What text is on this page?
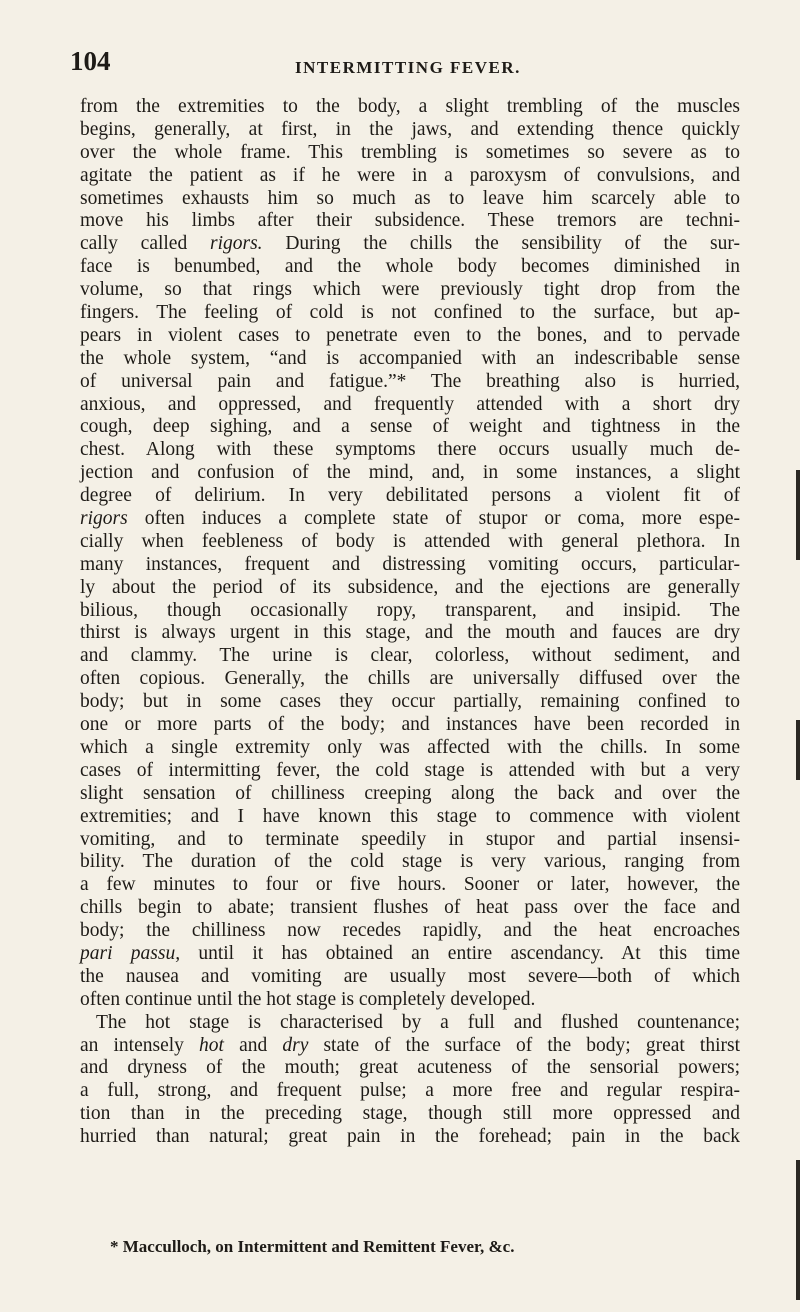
104	INTERMITTING FEVER.
from the extremities to the body, a slight trembling of the muscles
begins, generally, at first, in the jaws, and extending thence quickly
over the whole frame. This trembling is sometimes so severe as to
agitate the patient as if he were in a paroxysm of convulsions, and
sometimes exhausts him so much as to leave him scarcely able to
move his limbs after their subsidence. These tremors are techni-
cally called rigors. During the chills the sensibility of the sur-
face is benumbed, and the whole body becomes diminished in
volume, so that rings which were previously tight drop from the
fingers. The feeling of cold is not confined to the surface, but ap-
pears in violent cases to penetrate even to the bones, and to pervade
the whole system, “and is accompanied with an indescribable sense
of universal pain and fatigue.”* The breathing also is hurried,
anxious, and oppressed, and frequently attended with a short dry
cough, deep sighing, and a sense of weight and tightness in the
chest. Along with these symptoms there occurs usually much de-
jection and confusion of the mind, and, in some instances, a slight
degree of delirium. In very debilitated persons a violent fit of
rigors often induces a complete state of stupor or coma, more espe-
cially when feebleness of body is attended with general plethora. In
many instances, frequent and distressing vomiting occurs, particular-
ly about the period of its subsidence, and the ejections are generally
bilious, though occasionally ropy, transparent, and insipid. The
thirst is always urgent in this stage, and the mouth and fauces are dry
and clammy. The urine is clear, colorless, without sediment, and
often copious. Generally, the chills are universally diffused over the
body; but in some cases they occur partially, remaining confined to
one or more parts of the body; and instances have been recorded in
which a single extremity only was affected with the chills. In some
cases of intermitting fever, the cold stage is attended with but a very
slight sensation of chilliness creeping along the back and over the
extremities; and I have known this stage to commence with violent
vomiting, and to terminate speedily in stupor and partial insensi-
bility. The duration of the cold stage is very various, ranging from
a few minutes to four or five hours. Sooner or later, however, the
chills begin to abate; transient flushes of heat pass over the face and
body; the chilliness now recedes rapidly, and the heat encroaches
pari passu, until it has obtained an entire ascendancy. At this time
the nausea and vomiting are usually most severe—both of which
often continue until the hot stage is completely developed.
The hot stage is characterised by a full and flushed countenance;
an intensely hot and dry state of the surface of the body; great thirst
and dryness of the mouth; great acuteness of the sensorial powers;
a full, strong, and frequent pulse; a more free and regular respira-
tion than in the preceding stage, though still more oppressed and
hurried than natural; great pain in the forehead; pain in the back
* Macculloch, on Intermittent and Remittent Fever, &c.
